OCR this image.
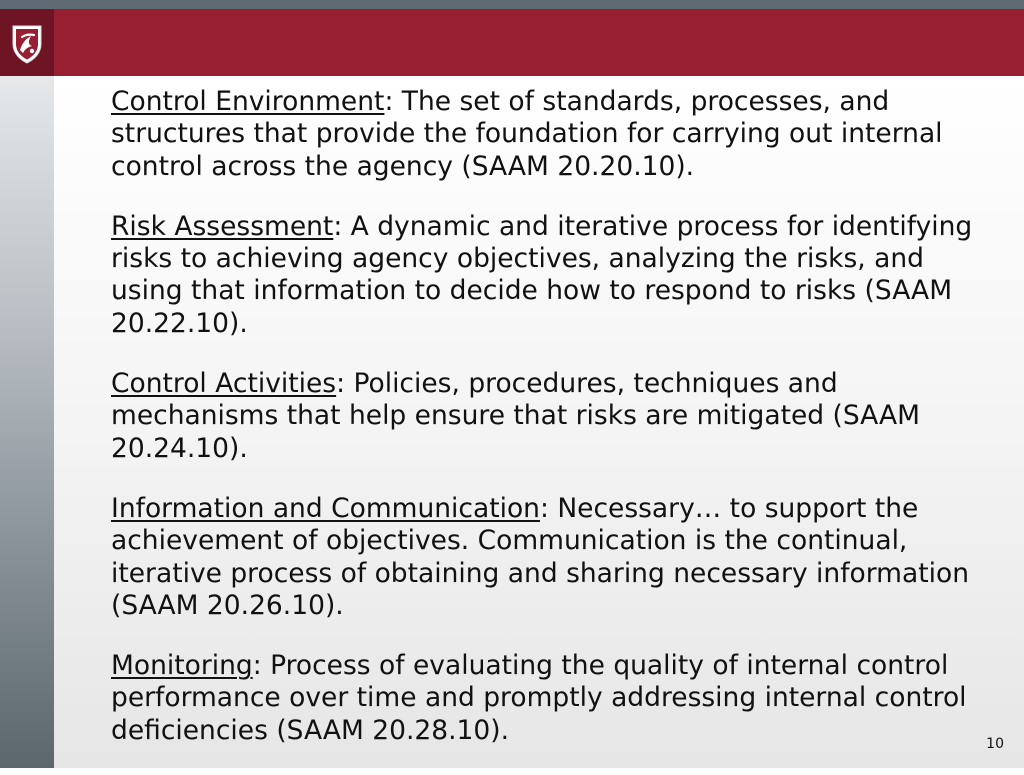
Control Environment: The set of standards, processes, and structures that provide the foundation for carrying out internal control across the agency (SAAM 20.20.10).

Risk Assessment: A dynamic and iterative process for identifying risks to achieving agency objectives, analyzing the risks, and using that information to decide how to respond to risks (SAAM 20.22.10).

Control Activities: Policies, procedures, techniques and mechanisms that help ensure that risks are mitigated (SAAM 20.24.10).

Information and Communication: Necessary… to support the achievement of objectives. Communication is the continual, iterative process of obtaining and sharing necessary information (SAAM 20.26.10).

Monitoring: Process of evaluating the quality of internal control performance over time and promptly addressing internal control deficiencies (SAAM 20.28.10).	10
